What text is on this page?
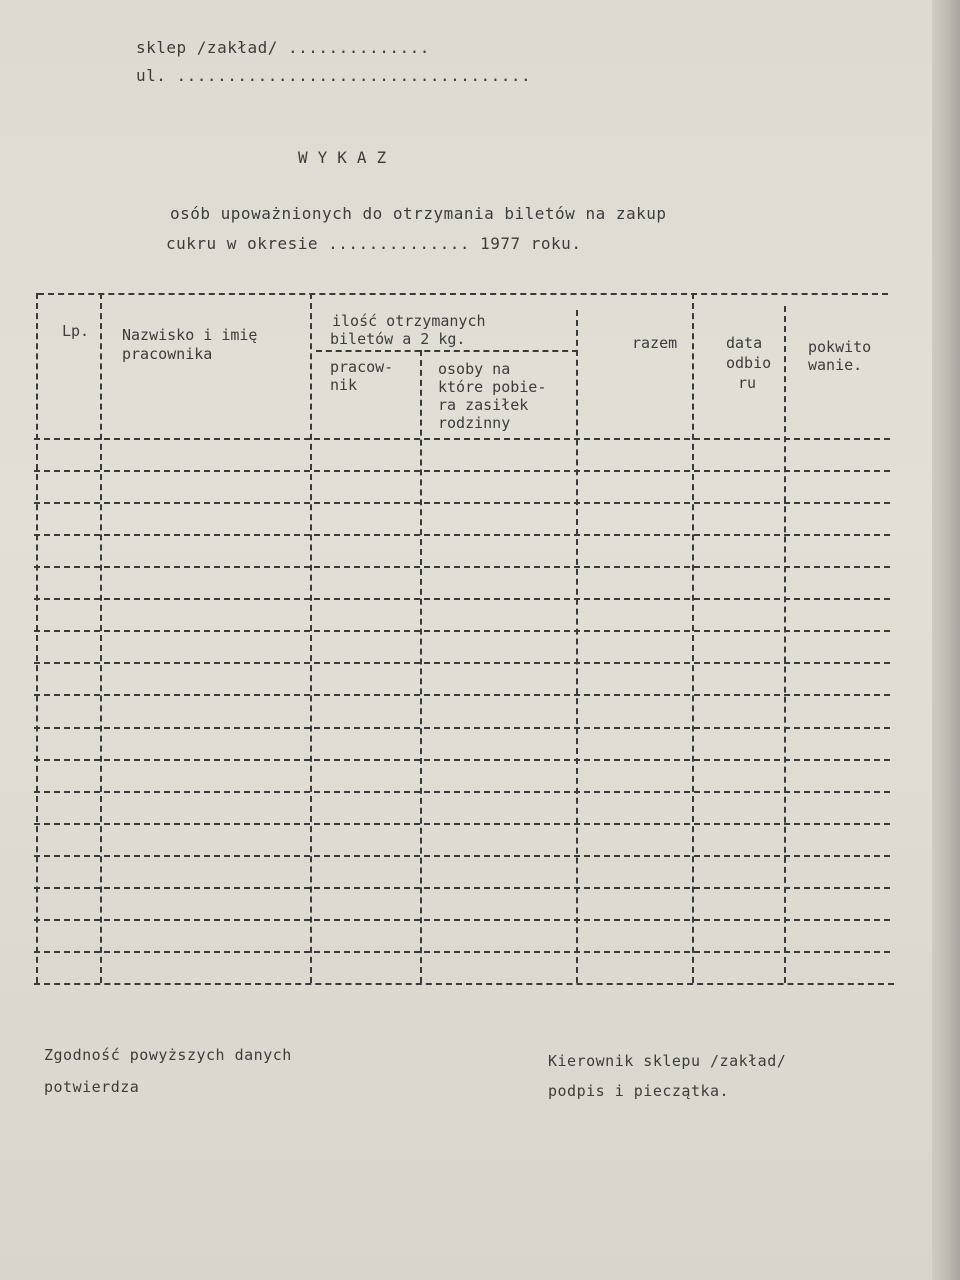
sklep /zakład/ ..............
ul. ...................................
WYKAZ
osób upoważnionych do otrzymania biletów na zakup
cukru w okresie .............. 1977 roku.
Lp. Nazwisko i imię
pracownika
ilość otrzymanych
biletów a 2 kg.
pracow-
nik
osoby na
które pobie-
ra zasiłek
rodzinny
razem	data
odbio
ru
pokwito
wanie.
Zgodność powyższych danych
potwierdza
Kierownik sklepu /zakład/
podpis i pieczątka.
